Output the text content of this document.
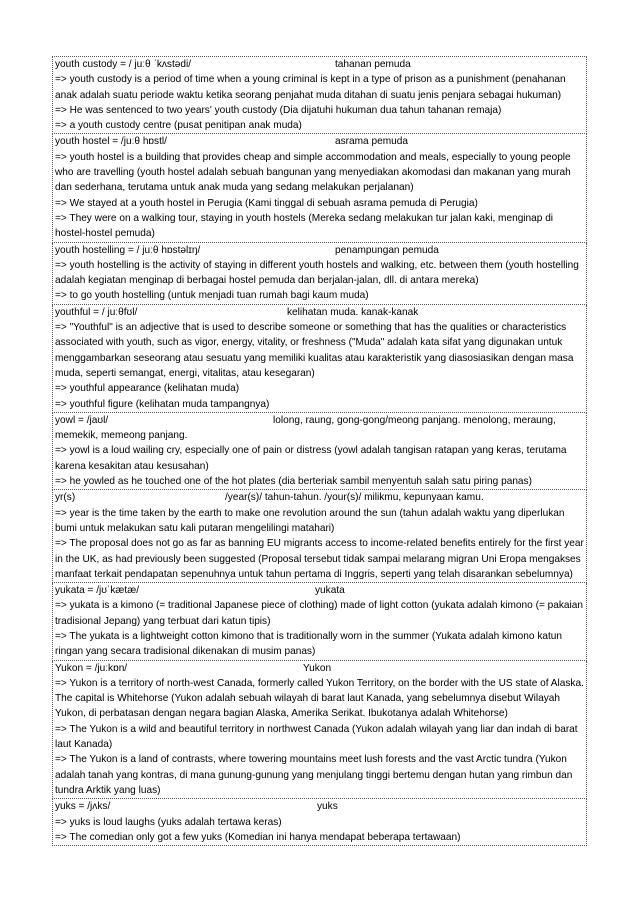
youth custody = / juːθ ˈkʌstədi/	tahanan pemuda
=> youth custody is a period of time when a young criminal is kept in a type of prison as a punishment (penahanan anak adalah suatu periode waktu ketika seorang penjahat muda ditahan di suatu jenis penjara sebagai hukuman)
=> He was sentenced to two years' youth custody (Dia dijatuhi hukuman dua tahun tahanan remaja)
=> a youth custody centre (pusat penitipan anak muda)
youth hostel = /juːθ hɒstl/	asrama pemuda
=> youth hostel is a building that provides cheap and simple accommodation and meals, especially to young people who are travelling (youth hostel adalah sebuah bangunan yang menyediakan akomodasi dan makanan yang murah dan sederhana, terutama untuk anak muda yang sedang melakukan perjalanan)
=> We stayed at a youth hostel in Perugia (Kami tinggal di sebuah asrama pemuda di Perugia)
=> They were on a walking tour, staying in youth hostels (Mereka sedang melakukan tur jalan kaki, menginap di hostel-hostel pemuda)
youth hostelling = / juːθ hɒstəlɪŋ/	penampungan pemuda
=> youth hostelling is the activity of staying in different youth hostels and walking, etc. between them (youth hostelling adalah kegiatan menginap di berbagai hostel pemuda dan berjalan-jalan, dll. di antara mereka)
=> to go youth hostelling (untuk menjadi tuan rumah bagi kaum muda)
youthful = / juːθfʊl/	kelihatan muda. kanak-kanak
=> "Youthful" is an adjective that is used to describe someone or something that has the qualities or characteristics associated with youth, such as vigor, energy, vitality, or freshness ("Muda" adalah kata sifat yang digunakan untuk menggambarkan seseorang atau sesuatu yang memiliki kualitas atau karakteristik yang diasosiasikan dengan masa muda, seperti semangat, energi, vitalitas, atau kesegaran)
=> youthful appearance (kelihatan muda)
=> youthful figure (kelihatan muda tampangnya)
yowl = /jaʊl/	lolong, raung, gong-gong/meong panjang. menolong, meraung, memekik, memeong panjang.
=> yowl is a loud wailing cry, especially one of pain or distress (yowl adalah tangisan ratapan yang keras, terutama karena kesakitan atau kesusahan)
=> he yowled as he touched one of the hot plates (dia berteriak sambil menyentuh salah satu piring panas)
yr(s)	/year(s)/ tahun-tahun. /your(s)/ milikmu, kepunyaan kamu.
=> year is the time taken by the earth to make one revolution around the sun (tahun adalah waktu yang diperlukan bumi untuk melakukan satu kali putaran mengelilingi matahari)
=> The proposal does not go as far as banning EU migrants access to income-related benefits entirely for the first year in the UK, as had previously been suggested (Proposal tersebut tidak sampai melarang migran Uni Eropa mengakses manfaat terkait pendapatan sepenuhnya untuk tahun pertama di Inggris, seperti yang telah disarankan sebelumnya)
yukata = /jʊˈkætæ/	yukata
=> yukata is a kimono (= traditional Japanese piece of clothing) made of light cotton (yukata adalah kimono (= pakaian tradisional Jepang) yang terbuat dari katun tipis)
=> The yukata is a lightweight cotton kimono that is traditionally worn in the summer (Yukata adalah kimono katun ringan yang secara tradisional dikenakan di musim panas)
Yukon = /juːkɒn/	Yukon
=> Yukon is a territory of north-west Canada, formerly called Yukon Territory, on the border with the US state of Alaska. The capital is Whitehorse (Yukon adalah sebuah wilayah di barat laut Kanada, yang sebelumnya disebut Wilayah Yukon, di perbatasan dengan negara bagian Alaska, Amerika Serikat. Ibukotanya adalah Whitehorse)
=> The Yukon is a wild and beautiful territory in northwest Canada (Yukon adalah wilayah yang liar dan indah di barat laut Kanada)
=> The Yukon is a land of contrasts, where towering mountains meet lush forests and the vast Arctic tundra (Yukon adalah tanah yang kontras, di mana gunung-gunung yang menjulang tinggi bertemu dengan hutan yang rimbun dan tundra Arktik yang luas)
yuks = /jʌks/	yuks
=> yuks is loud laughs (yuks adalah tertawa keras)
=> The comedian only got a few yuks (Komedian ini hanya mendapat beberapa tertawaan)
